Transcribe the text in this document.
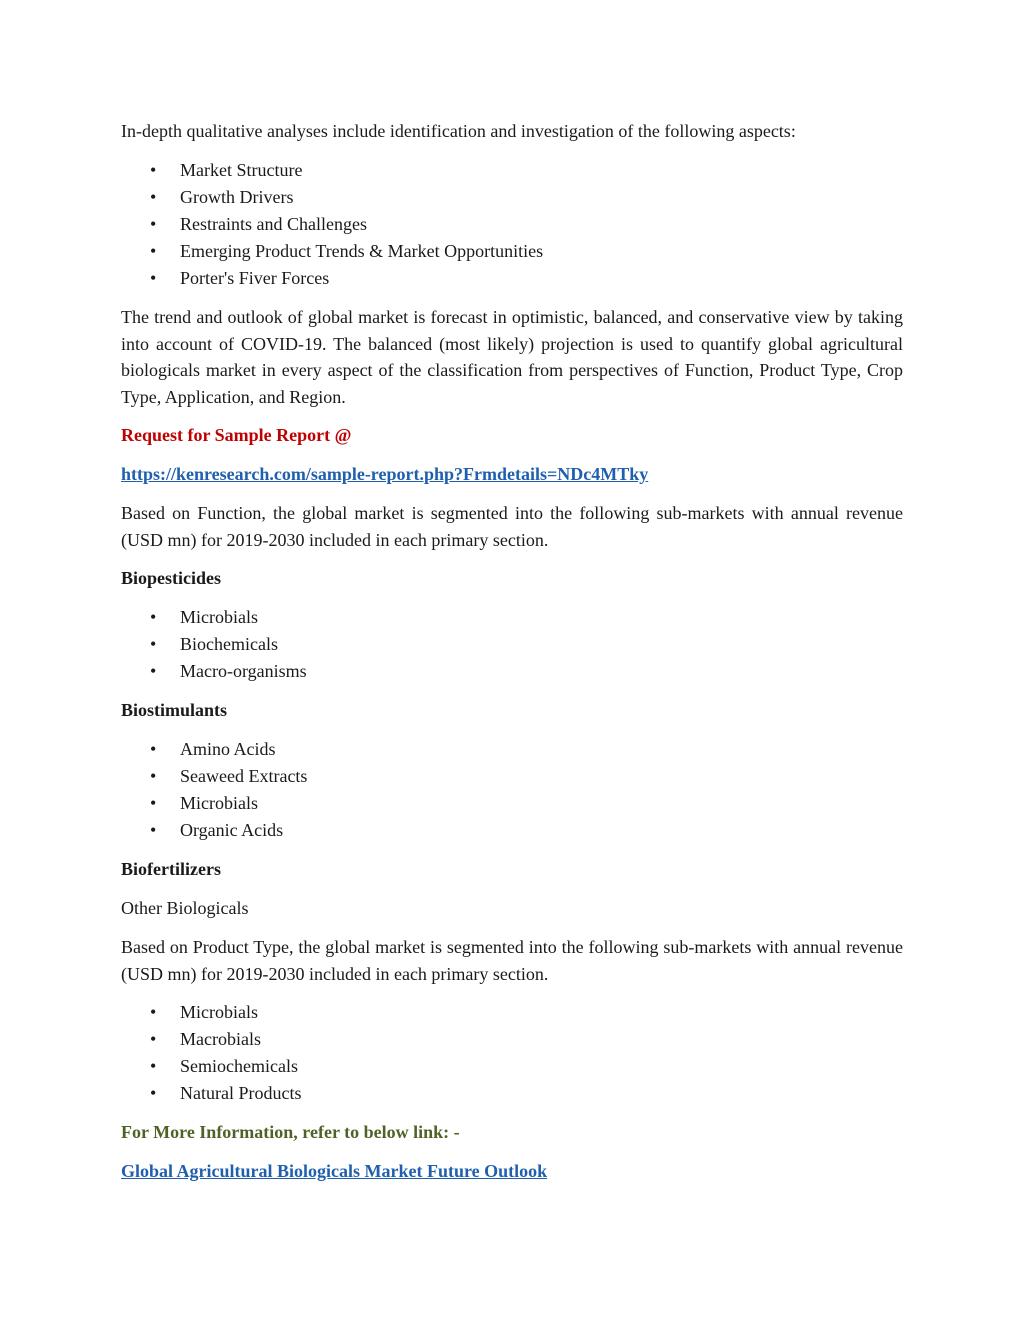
In-depth qualitative analyses include identification and investigation of the following aspects:

• Market Structure
• Growth Drivers
• Restraints and Challenges
• Emerging Product Trends & Market Opportunities
• Porter's Fiver Forces

The trend and outlook of global market is forecast in optimistic, balanced, and conservative view by taking into account of COVID-19. The balanced (most likely) projection is used to quantify global agricultural biologicals market in every aspect of the classification from perspectives of Function, Product Type, Crop Type, Application, and Region.

Request for Sample Report @

https://kenresearch.com/sample-report.php?Frmdetails=NDc4MTky

Based on Function, the global market is segmented into the following sub-markets with annual revenue (USD mn) for 2019-2030 included in each primary section.

Biopesticides

• Microbials
• Biochemicals
• Macro-organisms

Biostimulants

• Amino Acids
• Seaweed Extracts
• Microbials
• Organic Acids

Biofertilizers

Other Biologicals

Based on Product Type, the global market is segmented into the following sub-markets with annual revenue (USD mn) for 2019-2030 included in each primary section.

• Microbials
• Macrobials
• Semiochemicals
• Natural Products

For More Information, refer to below link: -

Global Agricultural Biologicals Market Future Outlook
